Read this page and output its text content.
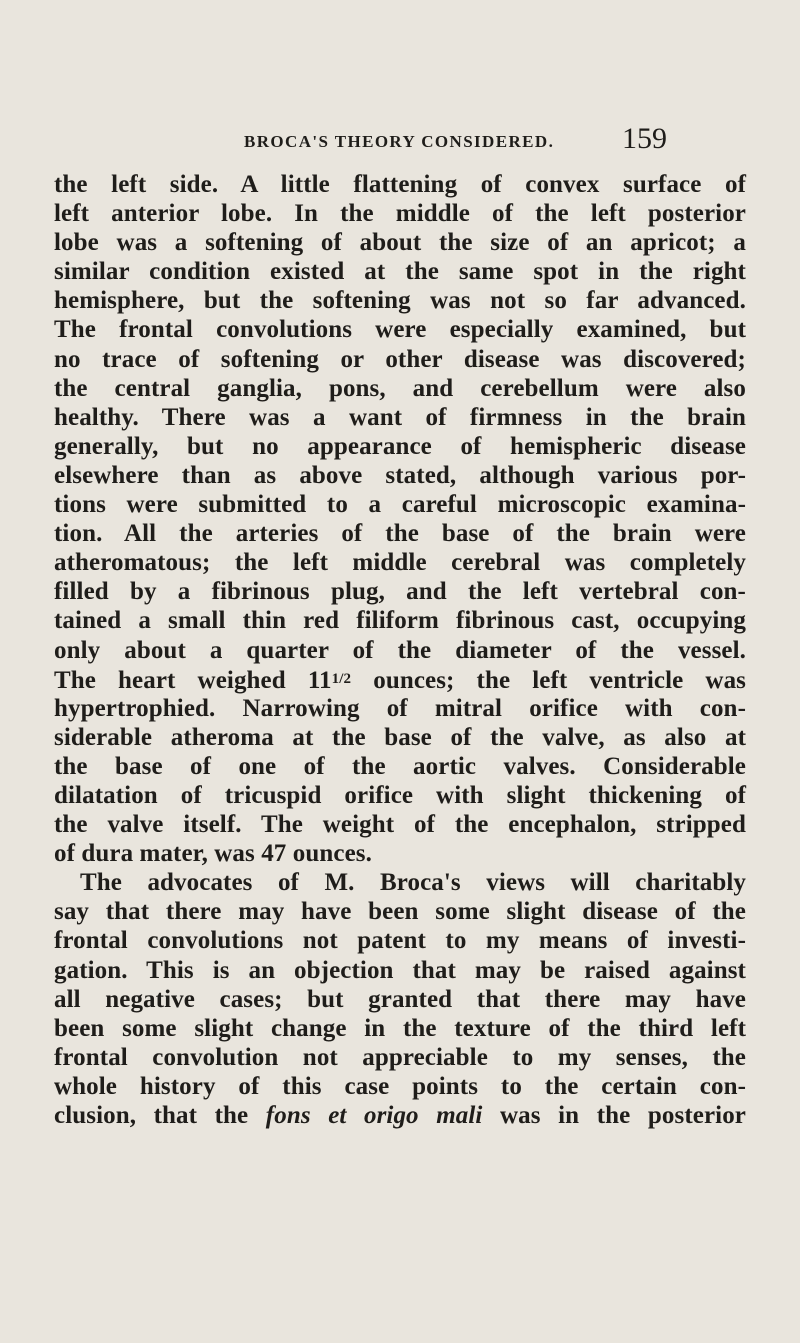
BROCA'S THEORY CONSIDERED. 159
the left side. A little flattening of convex surface of
left anterior lobe. In the middle of the left posterior
lobe was a softening of about the size of an apricot; a
similar condition existed at the same spot in the right
hemisphere, but the softening was not so far advanced.
The frontal convolutions were especially examined, but
no trace of softening or other disease was discovered;
the central ganglia, pons, and cerebellum were also
healthy. There was a want of firmness in the brain
generally, but no appearance of hemispheric disease
elsewhere than as above stated, although various por-
tions were submitted to a careful microscopic examina-
tion. All the arteries of the base of the brain were
atheromatous; the left middle cerebral was completely
filled by a fibrinous plug, and the left vertebral con-
tained a small thin red filiform fibrinous cast, occupying
only about a quarter of the diameter of the vessel.
The heart weighed $11^{1/2}$ ounces; the left ventricle was
hypertrophied. Narrowing of mitral orifice with con-
siderable atheroma at the base of the valve, as also at
the base of one of the aortic valves. Considerable
dilatation of tricuspid orifice with slight thickening of
the valve itself. The weight of the encephalon, stripped
of dura mater, was 47 ounces.
The advocates of M. Broca's views will charitably
say that there may have been some slight disease of the
frontal convolutions not patent to my means of investi-
gation. This is an objection that may be raised against
all negative cases; but granted that there may have
been some slight change in the texture of the third left
frontal convolution not appreciable to my senses, the
whole history of this case points to the certain con-
clusion, that the fons et origo mali was in the posterior
